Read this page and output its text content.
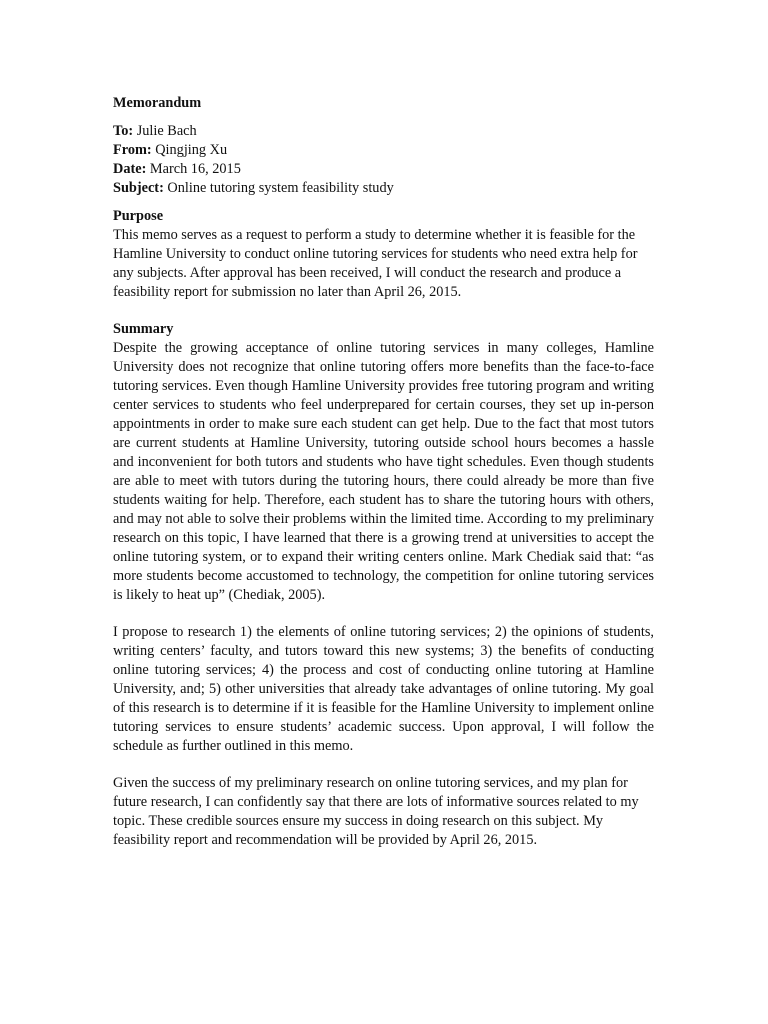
Memorandum

To: Julie Bach

From: Qingjing Xu

Date: March 16, 2015

Subject: Online tutoring system feasibility study

Purpose

This memo serves as a request to perform a study to determine whether it is feasible for the Hamline University to conduct online tutoring services for students who need extra help for any subjects. After approval has been received, I will conduct the research and produce a feasibility report for submission no later than April 26, 2015.

Summary

Despite the growing acceptance of online tutoring services in many colleges, Hamline University does not recognize that online tutoring offers more benefits than the face-to-face tutoring services. Even though Hamline University provides free tutoring program and writing center services to students who feel underprepared for certain courses, they set up in-person appointments in order to make sure each student can get help. Due to the fact that most tutors are current students at Hamline University, tutoring outside school hours becomes a hassle and inconvenient for both tutors and students who have tight schedules. Even though students are able to meet with tutors during the tutoring hours, there could already be more than five students waiting for help. Therefore, each student has to share the tutoring hours with others, and may not able to solve their problems within the limited time. According to my preliminary research on this topic, I have learned that there is a growing trend at universities to accept the online tutoring system, or to expand their writing centers online. Mark Chediak said that: “as more students become accustomed to technology, the competition for online tutoring services is likely to heat up” (Chediak, 2005).

I propose to research 1) the elements of online tutoring services; 2) the opinions of students, writing centers’ faculty, and tutors toward this new systems; 3) the benefits of conducting online tutoring services; 4) the process and cost of conducting online tutoring at Hamline University, and; 5) other universities that already take advantages of online tutoring. My goal of this research is to determine if it is feasible for the Hamline University to implement online tutoring services to ensure students’ academic success. Upon approval, I will follow the schedule as further outlined in this memo.

Given the success of my preliminary research on online tutoring services, and my plan for future research, I can confidently say that there are lots of informative sources related to my topic. These credible sources ensure my success in doing research on this subject. My feasibility report and recommendation will be provided by April 26, 2015.
